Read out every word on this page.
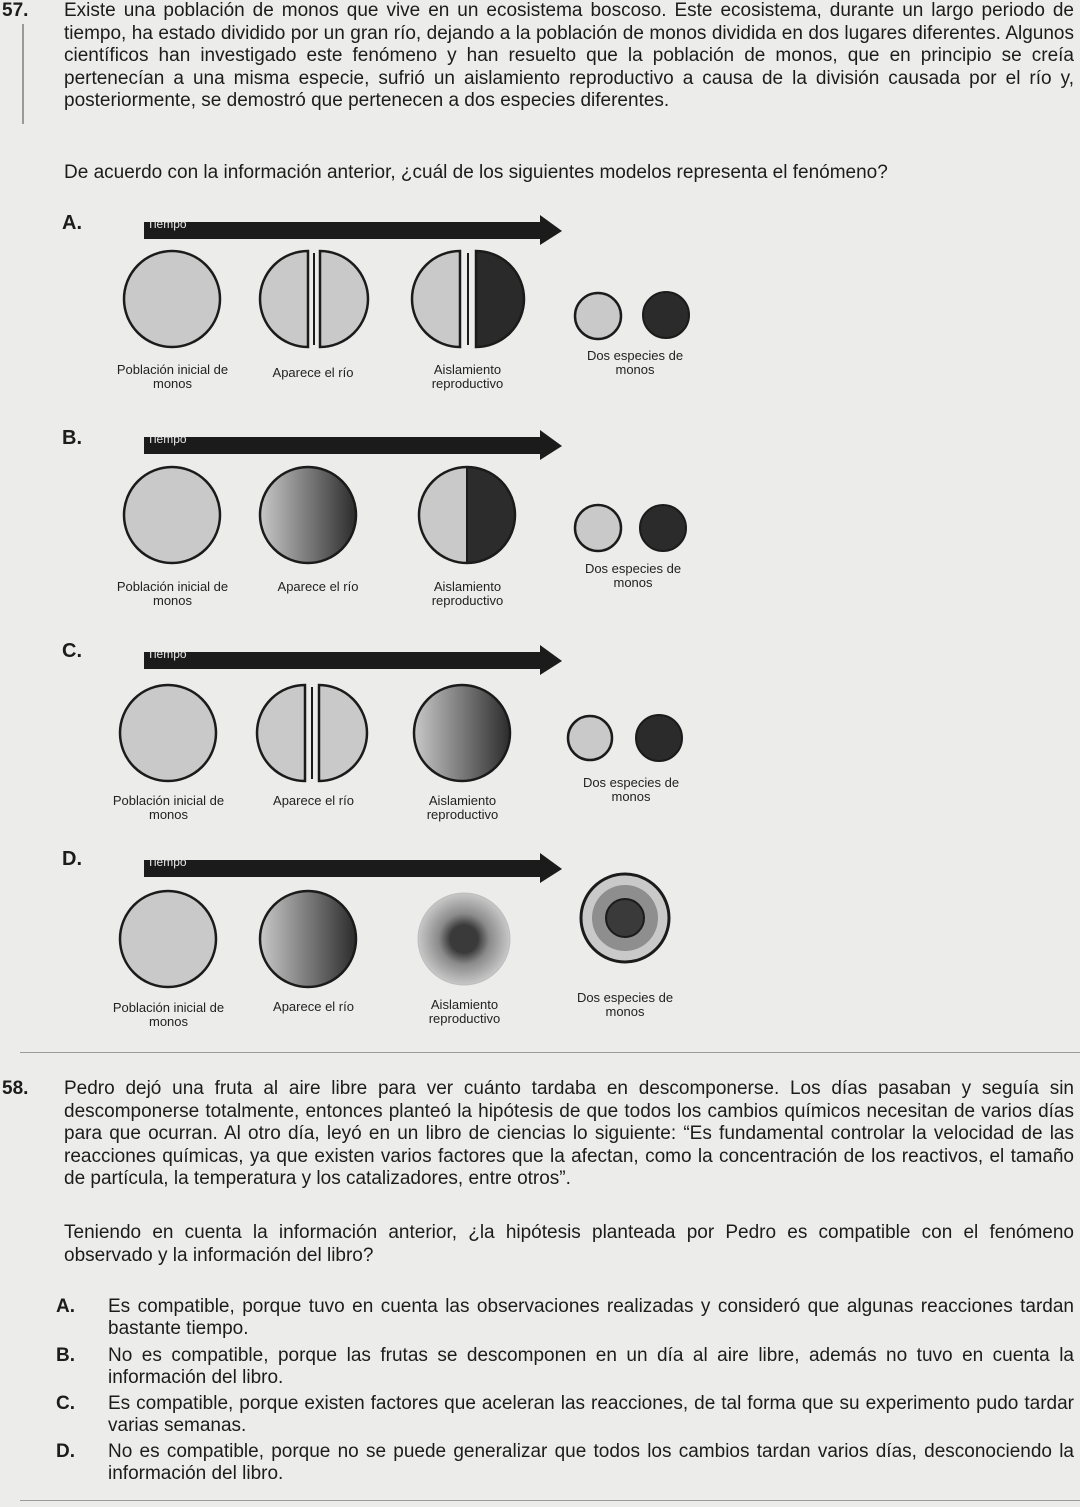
57. Existe una población de monos que vive en un ecosistema boscoso. Este ecosistema, durante un largo periodo de tiempo, ha estado dividido por un gran río, dejando a la población de monos dividida en dos lugares diferentes. Algunos científicos han investigado este fenómeno y han resuelto que la población de monos, que en principio se creía pertenecían a una misma especie, sufrió un aislamiento reproductivo a causa de la división causada por el río y, posteriormente, se demostró que pertenecen a dos especies diferentes.
De acuerdo con la información anterior, ¿cuál de los siguientes modelos representa el fenómeno?
A.	Tiempo
Población inicial de monos
Aparece el río	Aislamiento reproductivo
Dos especies de monos
B.	Tiempo
Población inicial de monos
Aparece el río	Aislamiento reproductivo
Dos especies de monos
C.	Tiempo
Población inicial de monos
Aparece el río	Aislamiento reproductivo
Dos especies de monos
D.	Tiempo
Población inicial de monos
Aparece el río	Aislamiento reproductivo
Dos especies de monos
58. Pedro dejó una fruta al aire libre para ver cuánto tardaba en descomponerse. Los días pasaban y seguía sin descomponerse totalmente, entonces planteó la hipótesis de que todos los cambios químicos necesitan de varios días para que ocurran. Al otro día, leyó en un libro de ciencias lo siguiente: “Es fundamental controlar la velocidad de las reacciones químicas, ya que existen varios factores que la afectan, como la concentración de los reactivos, el tamaño de partícula, la temperatura y los catalizadores, entre otros”.
Teniendo en cuenta la información anterior, ¿la hipótesis planteada por Pedro es compatible con el fenómeno observado y la información del libro?
A. Es compatible, porque tuvo en cuenta las observaciones realizadas y consideró que algunas reacciones tardan bastante tiempo.
B. No es compatible, porque las frutas se descomponen en un día al aire libre, además no tuvo en cuenta la información del libro.
C. Es compatible, porque existen factores que aceleran las reacciones, de tal forma que su experimento pudo tardar varias semanas.
D. No es compatible, porque no se puede generalizar que todos los cambios tardan varios días, desconociendo la información del libro.
